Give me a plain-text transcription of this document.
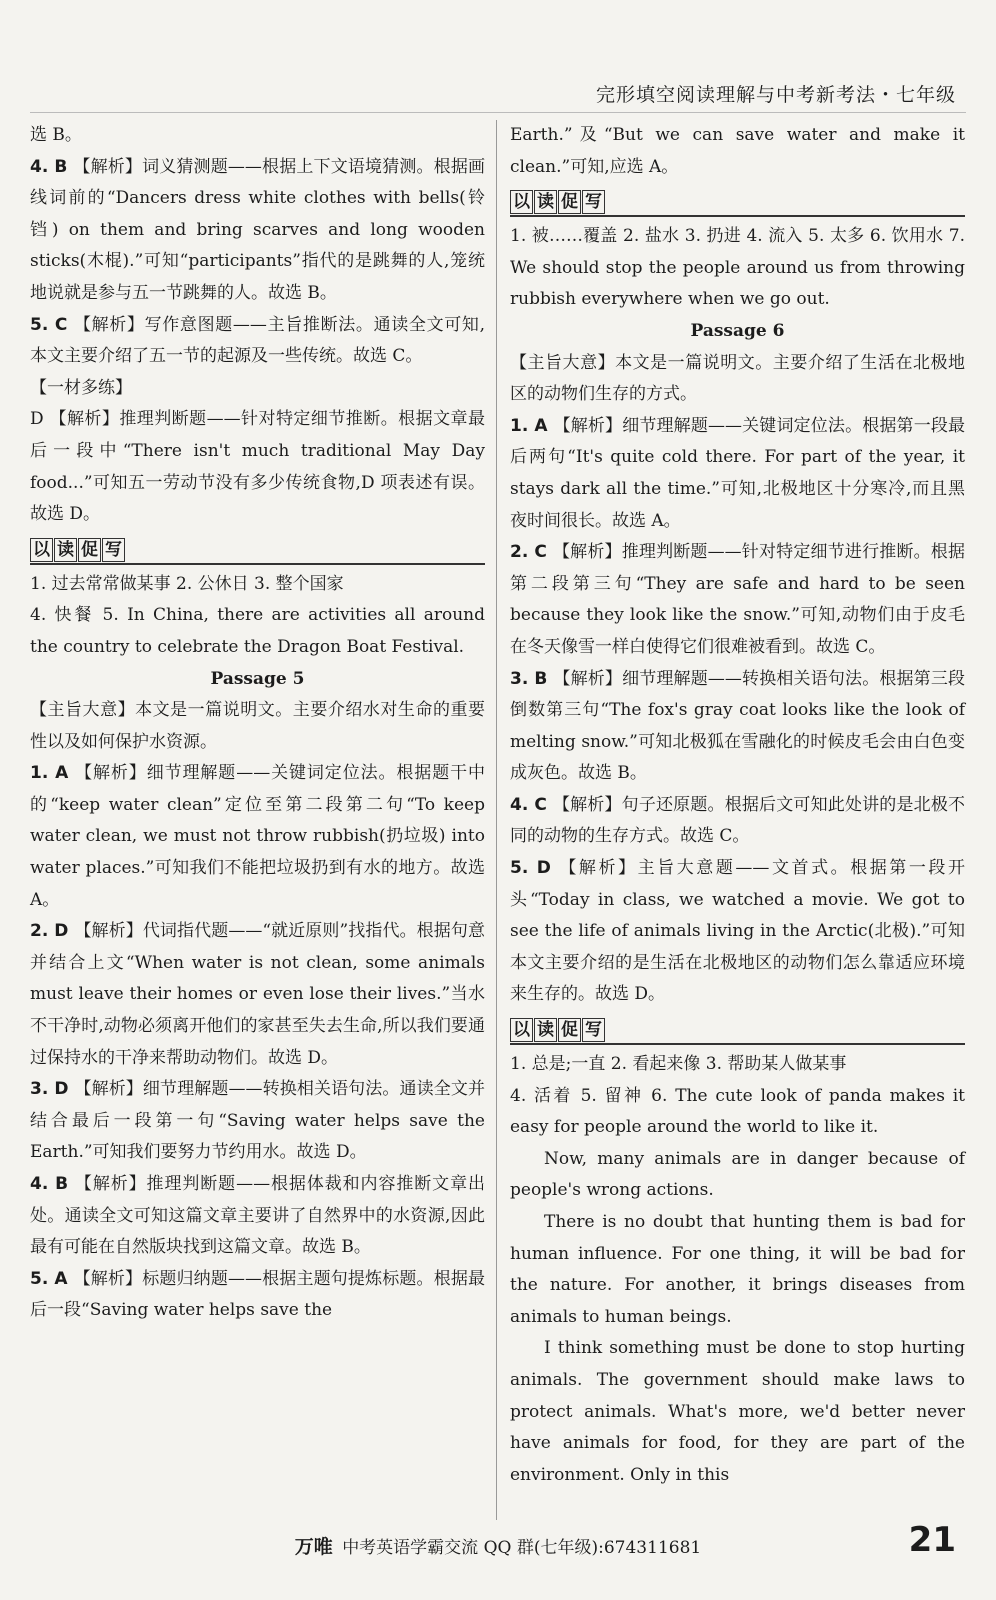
完形填空阅读理解与中考新考法・七年级

选 B。

4. B 【解析】词义猜测题——根据上下文语境猜测。根据画线词前的“Dancers dress white clothes with bells(铃铛) on them and bring scarves and long wooden sticks(木棍).”可知“participants”指代的是跳舞的人,笼统地说就是参与五一节跳舞的人。故选 B。

5. C 【解析】写作意图题——主旨推断法。通读全文可知,本文主要介绍了五一节的起源及一些传统。故选 C。

【一材多练】

D 【解析】推理判断题——针对特定细节推断。根据文章最后一段中“There isn't much traditional May Day food...”可知五一劳动节没有多少传统食物,D 项表述有误。故选 D。

以 读 促 写

1. 过去常常做某事 2. 公休日 3. 整个国家

4. 快餐 5. In China, there are activities all around the country to celebrate the Dragon Boat Festival.

Passage 5

【主旨大意】本文是一篇说明文。主要介绍水对生命的重要性以及如何保护水资源。

1. A 【解析】细节理解题——关键词定位法。根据题干中的“keep water clean”定位至第二段第二句“To keep water clean, we must not throw rubbish(扔垃圾) into water places.”可知我们不能把垃圾扔到有水的地方。故选 A。

2. D 【解析】代词指代题——“就近原则”找指代。根据句意并结合上文“When water is not clean, some animals must leave their homes or even lose their lives.”当水不干净时,动物必须离开他们的家甚至失去生命,所以我们要通过保持水的干净来帮助动物们。故选 D。

3. D 【解析】细节理解题——转换相关语句法。通读全文并结合最后一段第一句“Saving water helps save the Earth.”可知我们要努力节约用水。故选 D。

4. B 【解析】推理判断题——根据体裁和内容推断文章出处。通读全文可知这篇文章主要讲了自然界中的水资源,因此最有可能在自然版块找到这篇文章。故选 B。

5. A 【解析】标题归纳题——根据主题句提炼标题。根据最后一段“Saving water helps save the

Earth.”及“But we can save water and make it clean.”可知,应选 A。

以 读 促 写

1. 被……覆盖 2. 盐水 3. 扔进 4. 流入 5. 太多 6. 饮用水 7. We should stop the people around us from throwing rubbish everywhere when we go out.

Passage 6

【主旨大意】本文是一篇说明文。主要介绍了生活在北极地区的动物们生存的方式。

1. A 【解析】细节理解题——关键词定位法。根据第一段最后两句“It's quite cold there. For part of the year, it stays dark all the time.”可知,北极地区十分寒冷,而且黑夜时间很长。故选 A。

2. C 【解析】推理判断题——针对特定细节进行推断。根据第二段第三句“They are safe and hard to be seen because they look like the snow.”可知,动物们由于皮毛在冬天像雪一样白使得它们很难被看到。故选 C。

3. B 【解析】细节理解题——转换相关语句法。根据第三段倒数第三句“The fox's gray coat looks like the look of melting snow.”可知北极狐在雪融化的时候皮毛会由白色变成灰色。故选 B。

4. C 【解析】句子还原题。根据后文可知此处讲的是北极不同的动物的生存方式。故选 C。

5. D 【解析】主旨大意题——文首式。根据第一段开头“Today in class, we watched a movie. We got to see the life of animals living in the Arctic(北极).”可知本文主要介绍的是生活在北极地区的动物们怎么靠适应环境来生存的。故选 D。

以 读 促 写

1. 总是;一直 2. 看起来像 3. 帮助某人做某事

4. 活着 5. 留神 6. The cute look of panda makes it easy for people around the world to like it.

Now, many animals are in danger because of people's wrong actions.

There is no doubt that hunting them is bad for human influence. For one thing, it will be bad for the nature. For another, it brings diseases from animals to human beings.

I think something must be done to stop hurting animals. The government should make laws to protect animals. What's more, we'd better never have animals for food, for they are part of the environment. Only in this

万唯 中考英语学霸交流 QQ 群(七年级):674311681	21
